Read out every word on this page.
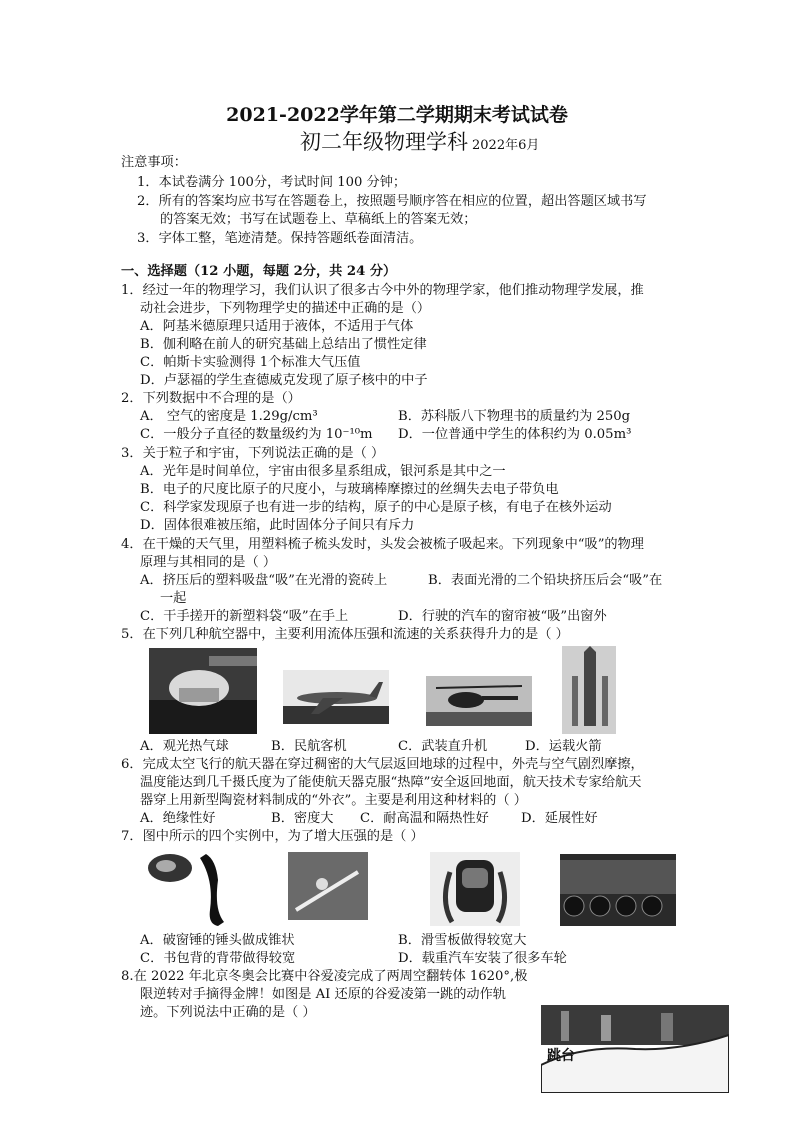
2021-2022学年第二学期期末考试试卷
初二年级物理学科 2022年6月
注意事项：
1．本试卷满分 100分，考试时间 100 分钟；
2．所有的答案均应书写在答题卷上，按照题号顺序答在相应的位置，超出答题区域书写
的答案无效；书写在试题卷上、草稿纸上的答案无效；
3．字体工整，笔迹清楚。保持答题纸卷面清洁。
一、选择题（12 小题，每题 2分，共 24 分）
1．经过一年的物理学习，我们认识了很多古今中外的物理学家，他们推动物理学发展，推
动社会进步，下列物理学史的描述中正确的是（）
A．阿基米德原理只适用于液体，不适用于气体
B．伽利略在前人的研究基础上总结出了惯性定律
C．帕斯卡实验测得 1个标准大气压值
D．卢瑟福的学生查德威克发现了原子核中的中子
2．下列数据中不合理的是（）
A． 空气的密度是 1.29g/cm³	B．苏科版八下物理书的质量约为 250g
C．一般分子直径的数量级约为 10⁻¹⁰m D．一位普通中学生的体积约为 0.05m³
3．关于粒子和宇宙，下列说法正确的是（ ）
A．光年是时间单位，宇宙由很多星系组成，银河系是其中之一
B．电子的尺度比原子的尺度小，与玻璃棒摩擦过的丝绸失去电子带负电
C．科学家发现原子也有进一步的结构，原子的中心是原子核，有电子在核外运动
D．固体很难被压缩，此时固体分子间只有斥力
4．在干燥的天气里，用塑料梳子梳头发时，头发会被梳子吸起来。下列现象中“吸”的物理
原理与其相同的是（ ）
A．挤压后的塑料吸盘“吸”在光滑的瓷砖上	B．表面光滑的二个铅块挤压后会“吸”在
一起
C．干手搓开的新塑料袋“吸”在手上	D．行驶的汽车的窗帘被“吸”出窗外
5．在下列几种航空器中，主要利用流体压强和流速的关系获得升力的是（ ）
A．观光热气球	B．民航客机	C．武装直升机	D．运载火箭
6．完成太空飞行的航天器在穿过稠密的大气层返回地球的过程中，外壳与空气剧烈摩擦，
温度能达到几千摄氏度为了能使航天器克服“热障”安全返回地面，航天技术专家给航天
器穿上用新型陶瓷材料制成的“外衣”。主要是利用这种材料的（ ）
A．绝缘性好	B．密度大 C．耐高温和隔热性好 D．延展性好
7．图中所示的四个实例中，为了增大压强的是（ ）
A．破窗锤的锤头做成锥状	B．滑雪板做得较宽大
C．书包背的背带做得较宽	D．载重汽车安装了很多车轮
8.在 2022 年北京冬奥会比赛中谷爱凌完成了两周空翻转体 1620°,极
限逆转对手摘得金牌！如图是 AI 还原的谷爱凌第一跳的动作轨
迹。下列说法中正确的是（ ）
跳台
